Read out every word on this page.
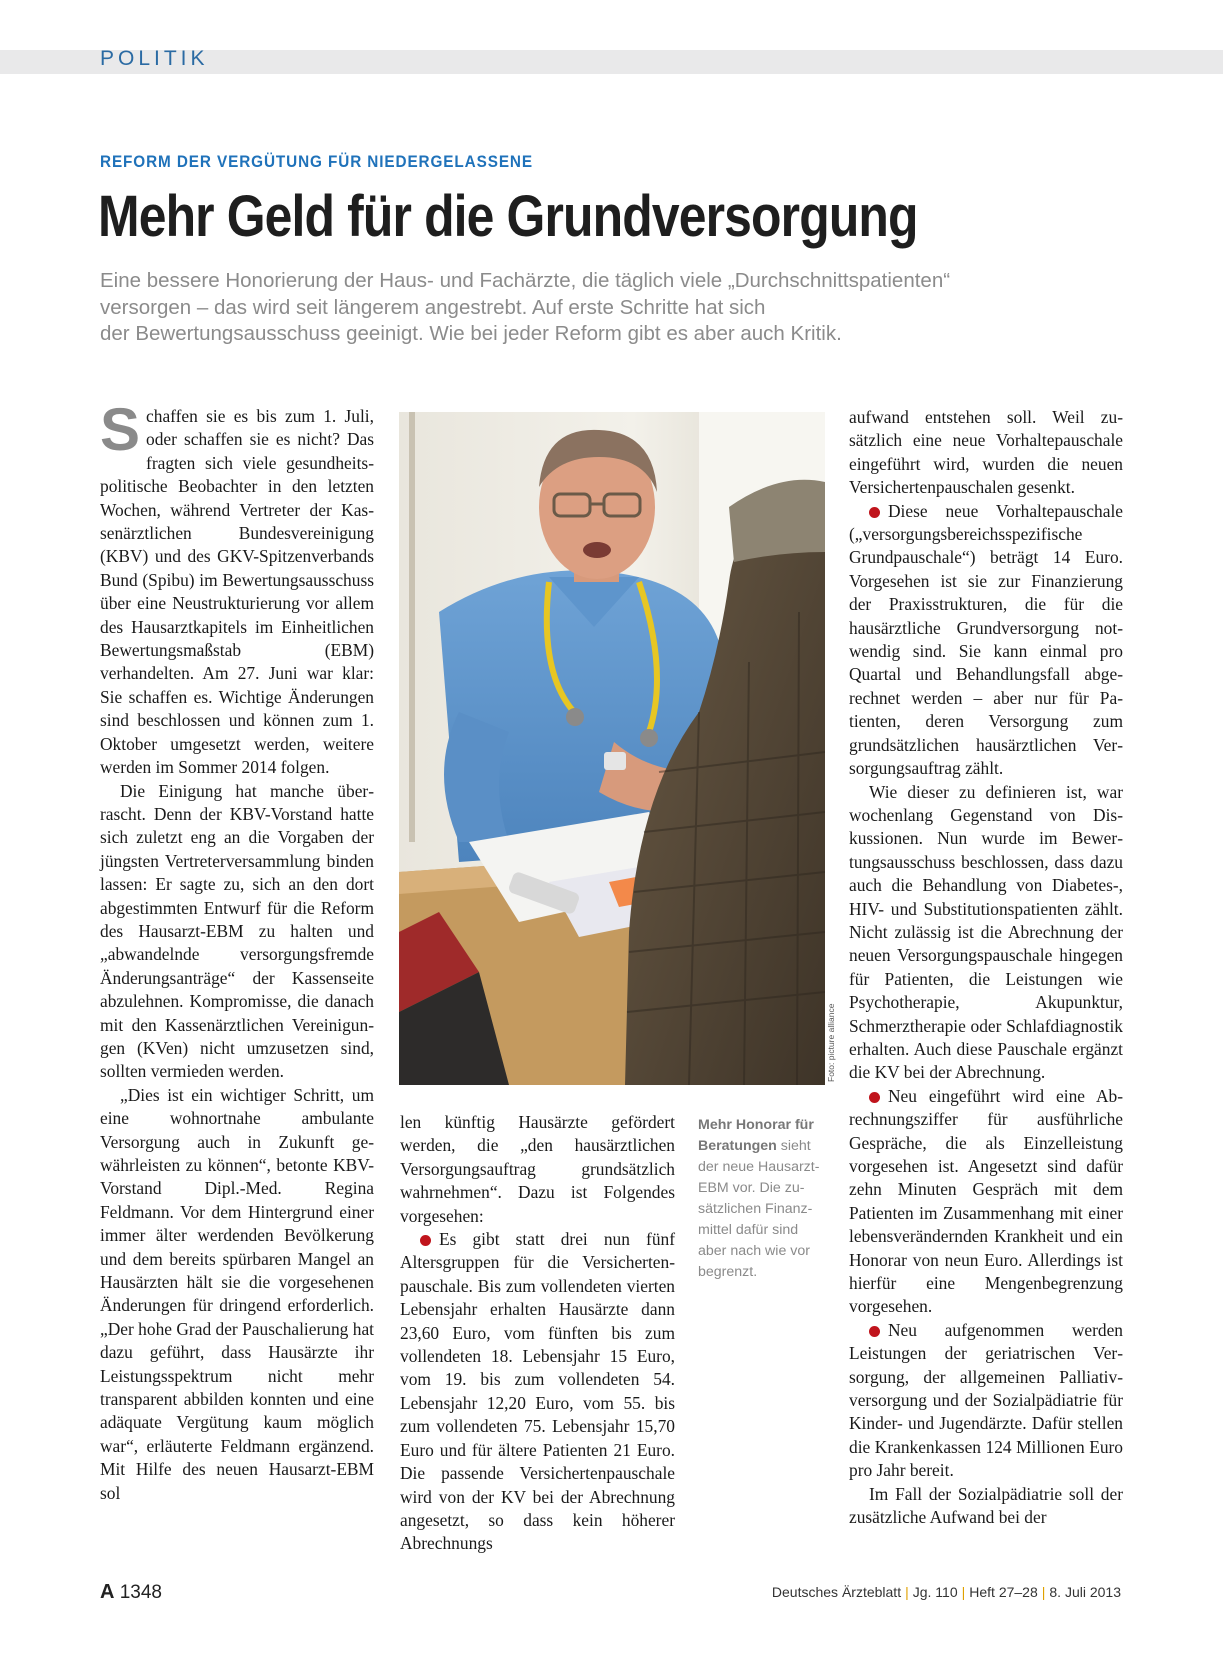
POLITIK
REFORM DER VERGÜTUNG FÜR NIEDERGELASSENE
Mehr Geld für die Grundversorgung
Eine bessere Honorierung der Haus- und Fachärzte, die täglich viele „Durchschnittspatienten“
versorgen – das wird seit längerem angestrebt. Auf erste Schritte hat sich
der Bewertungsausschuss geeinigt. Wie bei jeder Reform gibt es aber auch Kritik.

Schaffen sie es bis zum 1. Juli, oder schaffen sie es nicht? Das fragten sich viele gesundheitspolitische Beobachter in den letzten Wochen, während Vertreter der Kassenärztlichen Bundesvereinigung (KBV) und des GKV-Spitzenverbands Bund (Spibu) im Bewertungsausschuss über eine Neustrukturierung vor allem des Hausarztkapitels im Einheitlichen Bewertungsmaßstab (EBM) verhandelten. Am 27. Juni war klar: Sie schaffen es. Wichtige Änderungen sind beschlossen und können zum 1. Oktober umgesetzt werden, weitere werden im Sommer 2014 folgen.

Die Einigung hat manche überrascht. Denn der KBV-Vorstand hatte sich zuletzt eng an die Vorgaben der jüngsten Vertreterversammlung binden lassen: Er sagte zu, sich an den dort abgestimmten Entwurf für die Reform des Hausarzt-EBM zu halten und „abwandelnde versorgungsfremde Änderungsanträge“ der Kassenseite abzulehnen. Kompromisse, die danach mit den Kassenärztlichen Vereinigungen (KVen) nicht umzusetzen sind, sollten vermieden werden.

„Dies ist ein wichtiger Schritt, um eine wohnortnahe ambulante Versorgung auch in Zukunft gewährleisten zu können“, betonte KBV-Vorstand Dipl.-Med. Regina Feldmann. Vor dem Hintergrund einer immer älter werdenden Bevölkerung und dem bereits spürbaren Mangel an Hausärzten hält sie die vorgesehenen Änderungen für dringend erforderlich. „Der hohe Grad der Pauschalierung hat dazu geführt, dass Hausärzte ihr Leistungsspektrum nicht mehr transparent abbilden konnten und eine adäquate Vergütung kaum möglich war“, erläuterte Feldmann ergänzend. Mit Hilfe des neuen Hausarzt-EBM sol

Foto: picture alliance

len künftig Hausärzte gefördert werden, die „den hausärztlichen Versorgungsauftrag grundsätzlich wahrnehmen“. Dazu ist Folgendes vorgesehen:

Es gibt statt drei nun fünf Altersgruppen für die Versichertenpauschale. Bis zum vollendeten vierten Lebensjahr erhalten Hausärzte dann 23,60 Euro, vom fünften bis zum vollendeten 18. Lebensjahr 15 Euro, vom 19. bis zum vollendeten 54. Lebensjahr 12,20 Euro, vom 55. bis zum vollendeten 75. Lebensjahr 15,70 Euro und für ältere Patienten 21 Euro. Die passende Versichertenpauschale wird von der KV bei der Abrechnung angesetzt, so dass kein höherer Abrechnungs

Mehr Honorar für Beratungen sieht der neue Hausarzt-EBM vor. Die zusätzlichen Finanzmittel dafür sind aber nach wie vor begrenzt.

aufwand entstehen soll. Weil zusätzlich eine neue Vorhaltepauschale eingeführt wird, wurden die neuen Versichertenpauschalen gesenkt.

Diese neue Vorhaltepauschale („versorgungsbereichsspezifische Grundpauschale“) beträgt 14 Euro. Vorgesehen ist sie zur Finanzierung der Praxisstrukturen, die für die hausärztliche Grundversorgung notwendig sind. Sie kann einmal pro Quartal und Behandlungsfall abgerechnet werden – aber nur für Patienten, deren Versorgung zum grundsätzlichen hausärztlichen Versorgungsauftrag zählt.

Wie dieser zu definieren ist, war wochenlang Gegenstand von Diskussionen. Nun wurde im Bewertungsausschuss beschlossen, dass dazu auch die Behandlung von Diabetes-, HIV- und Substitutionspatienten zählt. Nicht zulässig ist die Abrechnung der neuen Versorgungspauschale hingegen für Patienten, die Leistungen wie Psychotherapie, Akupunktur, Schmerztherapie oder Schlafdiagnostik erhalten. Auch diese Pauschale ergänzt die KV bei der Abrechnung.

Neu eingeführt wird eine Abrechnungsziffer für ausführliche Gespräche, die als Einzelleistung vorgesehen ist. Angesetzt sind dafür zehn Minuten Gespräch mit dem Patienten im Zusammenhang mit einer lebensverändernden Krankheit und ein Honorar von neun Euro. Allerdings ist hierfür eine Mengenbegrenzung vorgesehen.

Neu aufgenommen werden Leistungen der geriatrischen Versorgung, der allgemeinen Palliativversorgung und der Sozialpädiatrie für Kinder- und Jugendärzte. Dafür stellen die Krankenkassen 124 Millionen Euro pro Jahr bereit.

Im Fall der Sozialpädiatrie soll der zusätzliche Aufwand bei der

A 1348	Deutsches Ärzteblatt | Jg. 110 | Heft 27–28 | 8. Juli 2013
